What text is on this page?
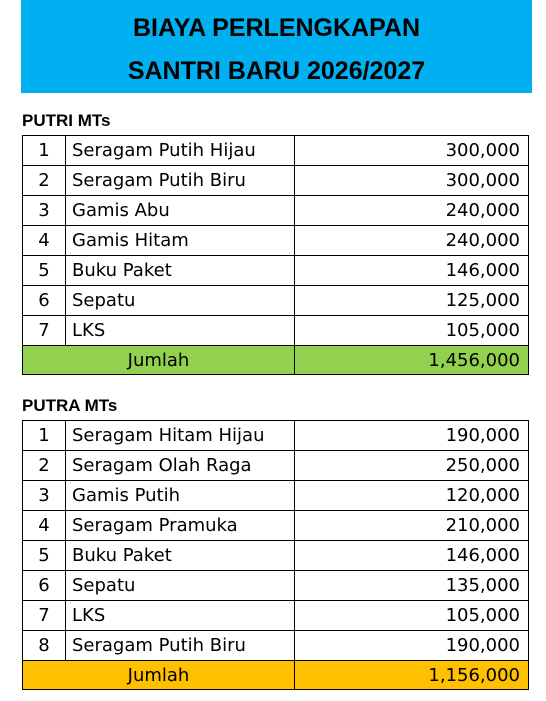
BIAYA PERLENGKAPAN
SANTRI BARU 2026/2027
PUTRI MTs
1	Seragam Putih Hijau	300,000
2	Seragam Putih Biru	300,000
3	Gamis Abu	240,000
4	Gamis Hitam	240,000
5	Buku Paket	146,000
6	Sepatu	125,000
7	LKS	105,000
Jumlah		1,456,000
PUTRA MTs
1	Seragam Hitam Hijau	190,000
2	Seragam Olah Raga	250,000
3	Gamis Putih	120,000
4	Seragam Pramuka	210,000
5	Buku Paket	146,000
6	Sepatu	135,000
7	LKS	105,000
8	Seragam Putih Biru	190,000
Jumlah		1,156,000
